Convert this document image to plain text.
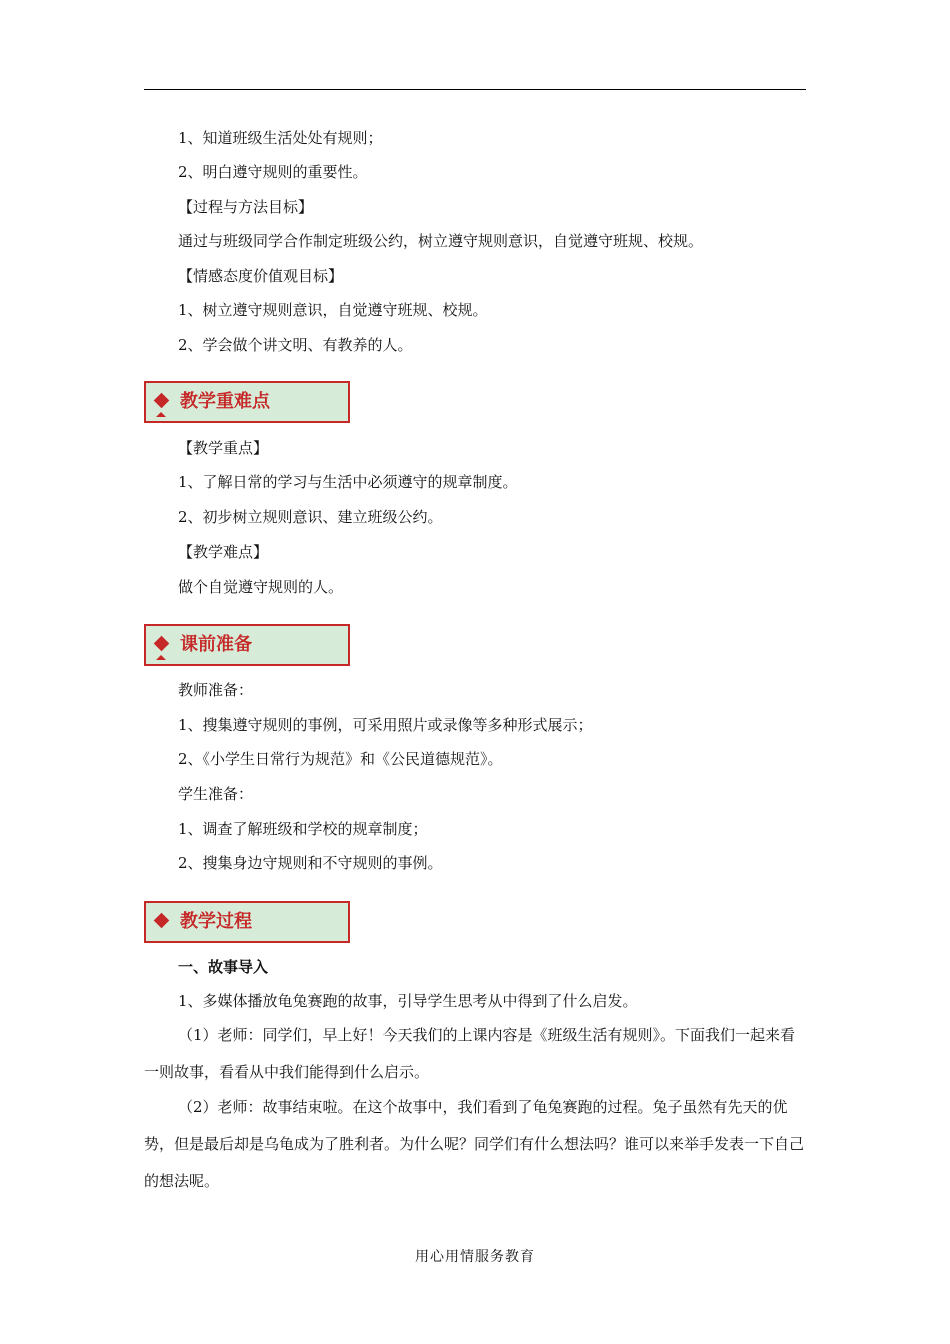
1、知道班级生活处处有规则；
2、明白遵守规则的重要性。
【过程与方法目标】
通过与班级同学合作制定班级公约，树立遵守规则意识，自觉遵守班规、校规。
【情感态度价值观目标】
1、树立遵守规则意识，自觉遵守班规、校规。
2、学会做个讲文明、有教养的人。
教学重难点
【教学重点】
1、了解日常的学习与生活中必须遵守的规章制度。
2、初步树立规则意识、建立班级公约。
【教学难点】
做个自觉遵守规则的人。
课前准备
教师准备：
1、搜集遵守规则的事例，可采用照片或录像等多种形式展示；
2、《小学生日常行为规范》和《公民道德规范》。
学生准备：
1、调查了解班级和学校的规章制度；
2、搜集身边守规则和不守规则的事例。
教学过程
一、故事导入
1、多媒体播放龟兔赛跑的故事，引导学生思考从中得到了什么启发。
（1）老师：同学们，早上好！今天我们的上课内容是《班级生活有规则》。下面我们一起来看一则故事，看看从中我们能得到什么启示。
（2）老师：故事结束啦。在这个故事中，我们看到了龟兔赛跑的过程。兔子虽然有先天的优势，但是最后却是乌龟成为了胜利者。为什么呢？同学们有什么想法吗？谁可以来举手发表一下自己的想法呢。
用心用情服务教育
